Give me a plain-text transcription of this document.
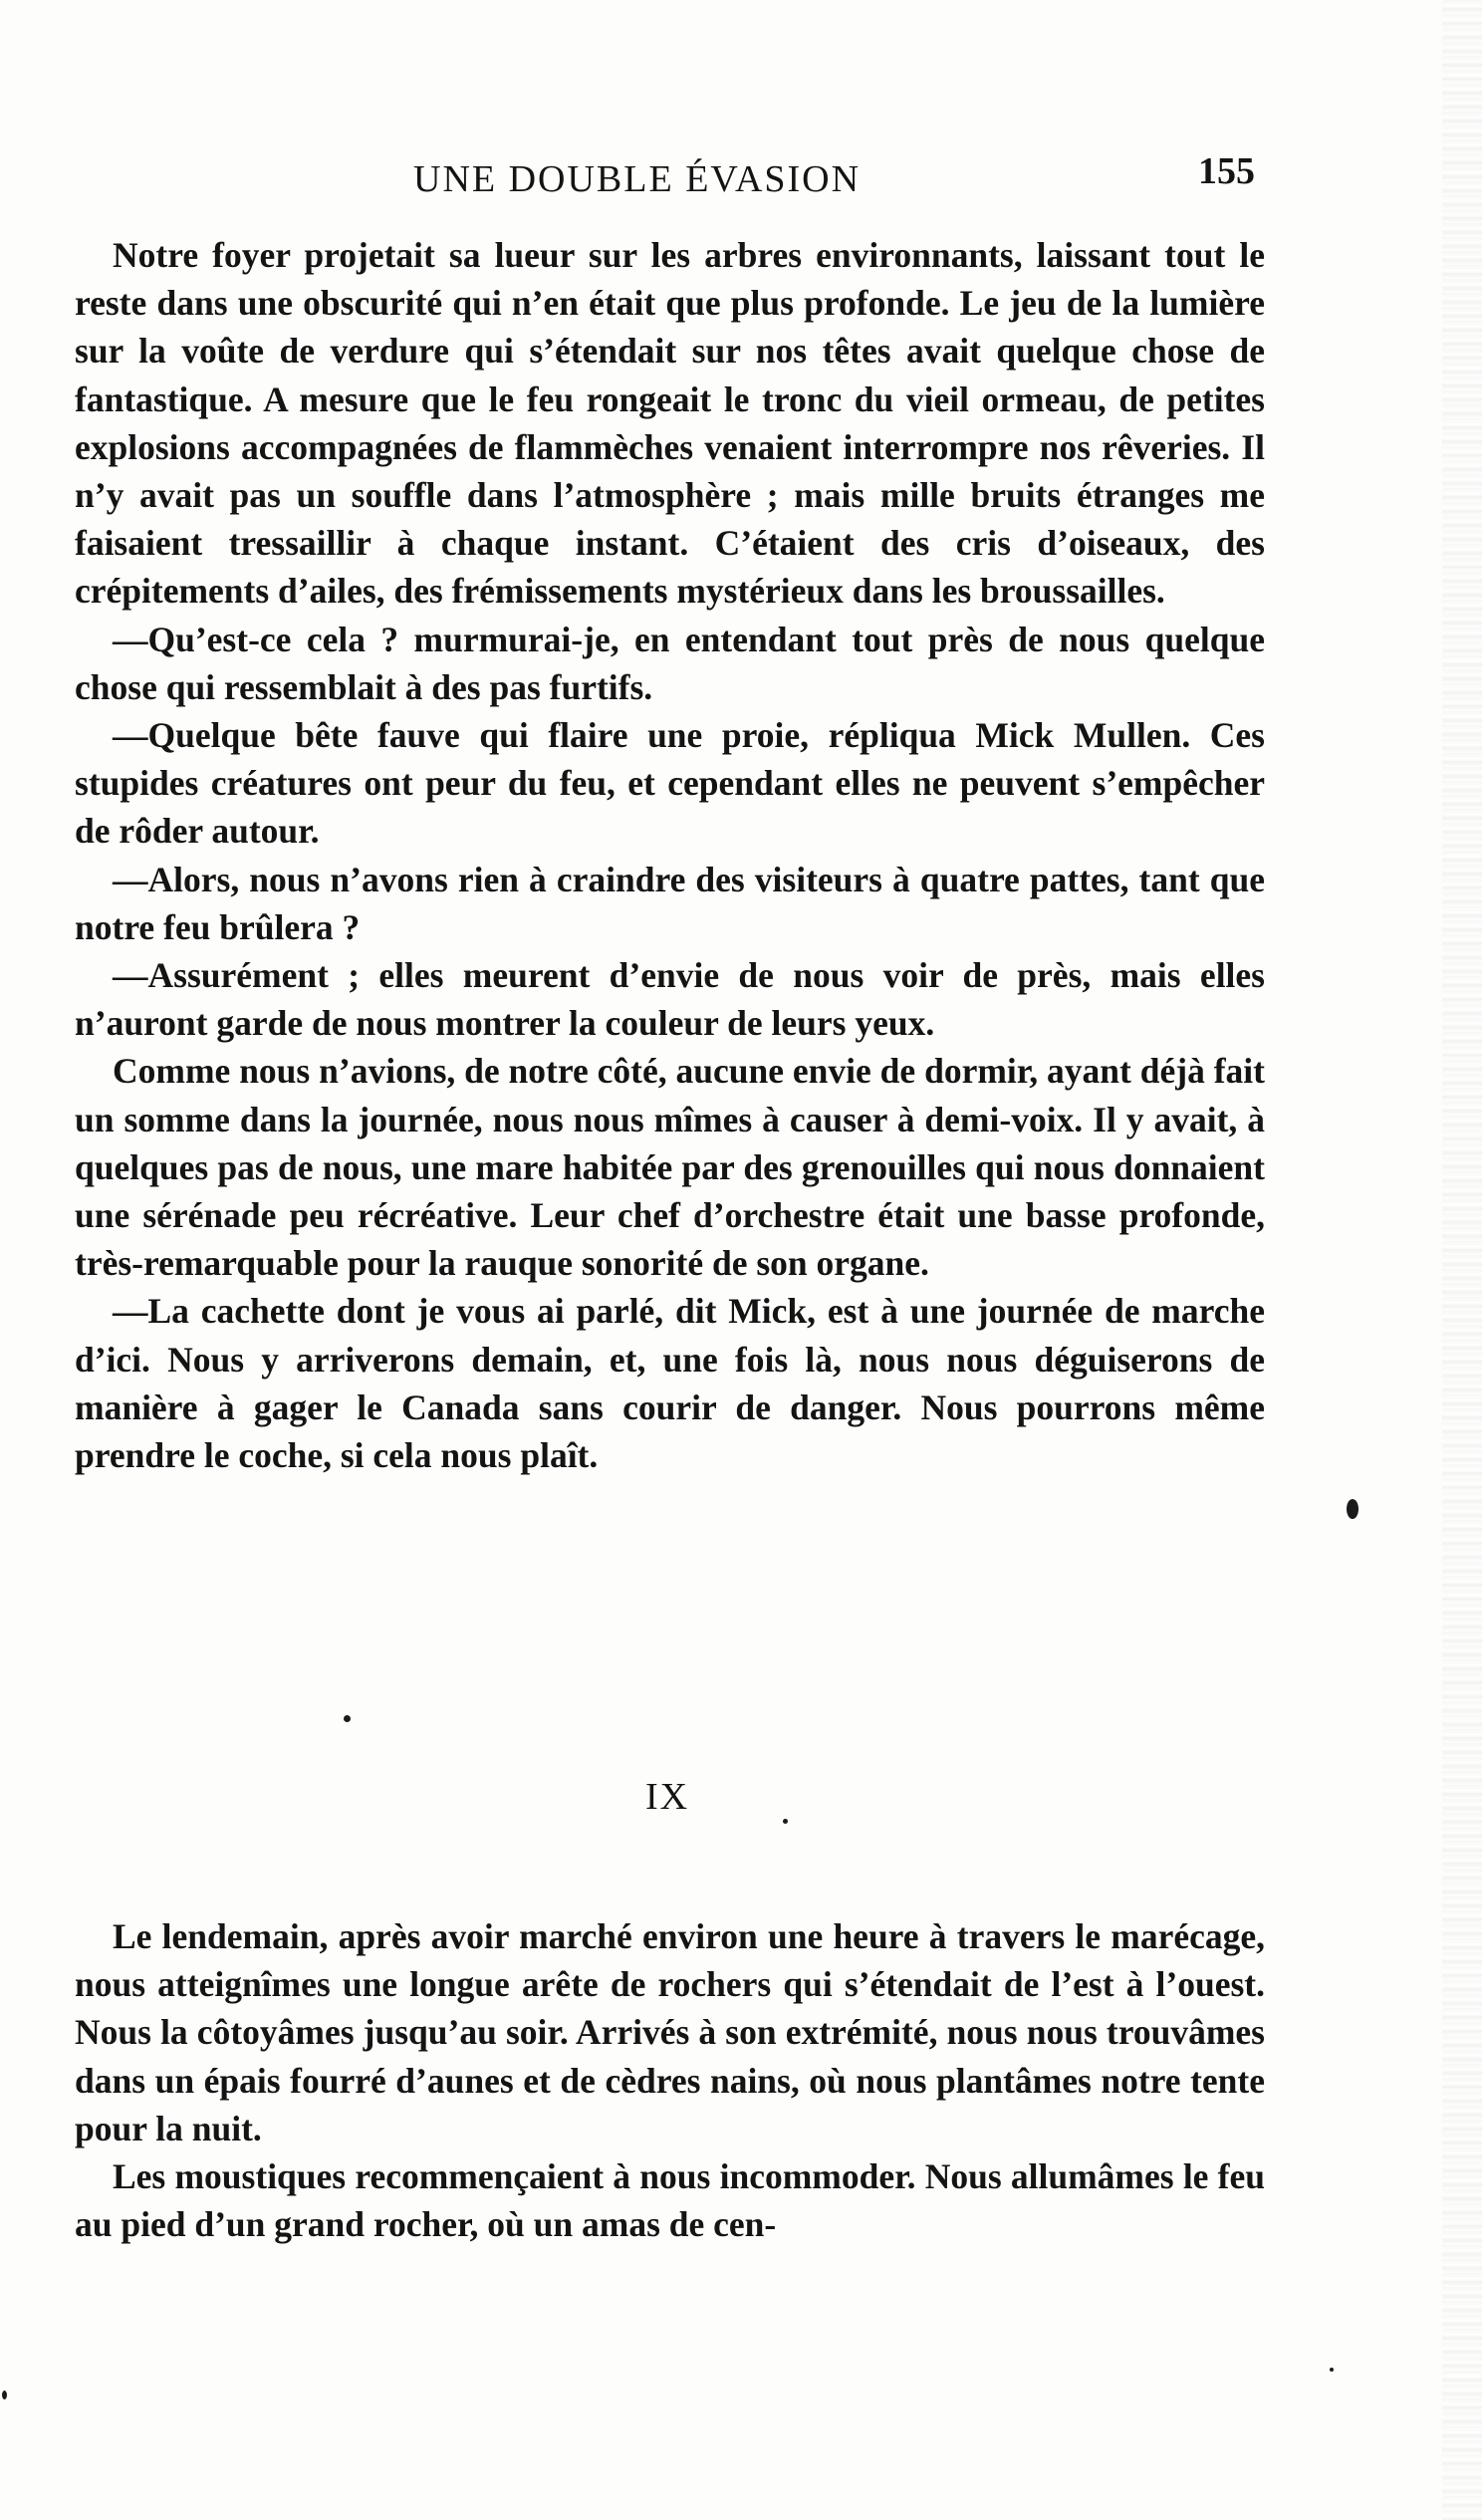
UNE DOUBLE ÉVASION	155

Notre foyer projetait sa lueur sur les arbres environnants, laissant tout le reste dans une obscurité qui n’en était que plus profonde. Le jeu de la lumière sur la voûte de verdure qui s’étendait sur nos têtes avait quelque chose de fantastique. A mesure que le feu rongeait le tronc du vieil ormeau, de petites explosions accompagnées de flammèches venaient interrompre nos rêveries. Il n’y avait pas un souffle dans l’atmosphère ; mais mille bruits étranges me faisaient tressaillir à chaque instant. C’étaient des cris d’oiseaux, des crépitements d’ailes, des frémissements mystérieux dans les broussailles.

—Qu’est-ce cela ? murmurai-je, en entendant tout près de nous quelque chose qui ressemblait à des pas furtifs.

—Quelque bête fauve qui flaire une proie, répliqua Mick Mullen. Ces stupides créatures ont peur du feu, et cependant elles ne peuvent s’empêcher de rôder autour.

—Alors, nous n’avons rien à craindre des visiteurs à quatre pattes, tant que notre feu brûlera ?

—Assurément ; elles meurent d’envie de nous voir de près, mais elles n’auront garde de nous montrer la couleur de leurs yeux.

Comme nous n’avions, de notre côté, aucune envie de dormir, ayant déjà fait un somme dans la journée, nous nous mîmes à causer à demi-voix. Il y avait, à quelques pas de nous, une mare habitée par des grenouilles qui nous donnaient une sérénade peu récréative. Leur chef d’orchestre était une basse profonde, très-remarquable pour la rauque sonorité de son organe.

—La cachette dont je vous ai parlé, dit Mick, est à une journée de marche d’ici. Nous y arriverons demain, et, une fois là, nous nous déguiserons de manière à gager le Canada sans courir de danger. Nous pourrons même prendre le coche, si cela nous plaît.

IX

Le lendemain, après avoir marché environ une heure à travers le marécage, nous atteignîmes une longue arête de rochers qui s’étendait de l’est à l’ouest. Nous la côtoyâmes jusqu’au soir. Arrivés à son extrémité, nous nous trouvâmes dans un épais fourré d’aunes et de cèdres nains, où nous plantâmes notre tente pour la nuit.

Les moustiques recommençaient à nous incommoder. Nous allumâmes le feu au pied d’un grand rocher, où un amas de cen-
